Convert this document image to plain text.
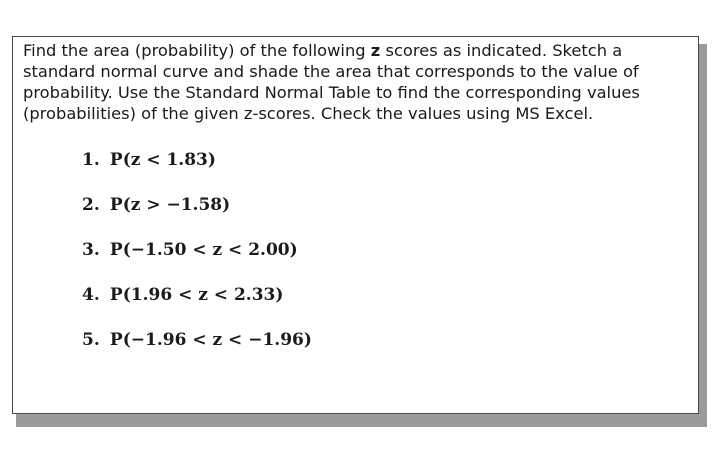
Find the area (probability) of the following z scores as indicated. Sketch a standard normal curve and shade the area that corresponds to the value of probability. Use the Standard Normal Table to find the corresponding values (probabilities) of the given z-scores. Check the values using MS Excel.

1. P(z < 1.83)
2. P(z > −1.58)
3. P(−1.50 < z < 2.00)
4. P(1.96 < z < 2.33)
5. P(−1.96 < z < −1.96)
